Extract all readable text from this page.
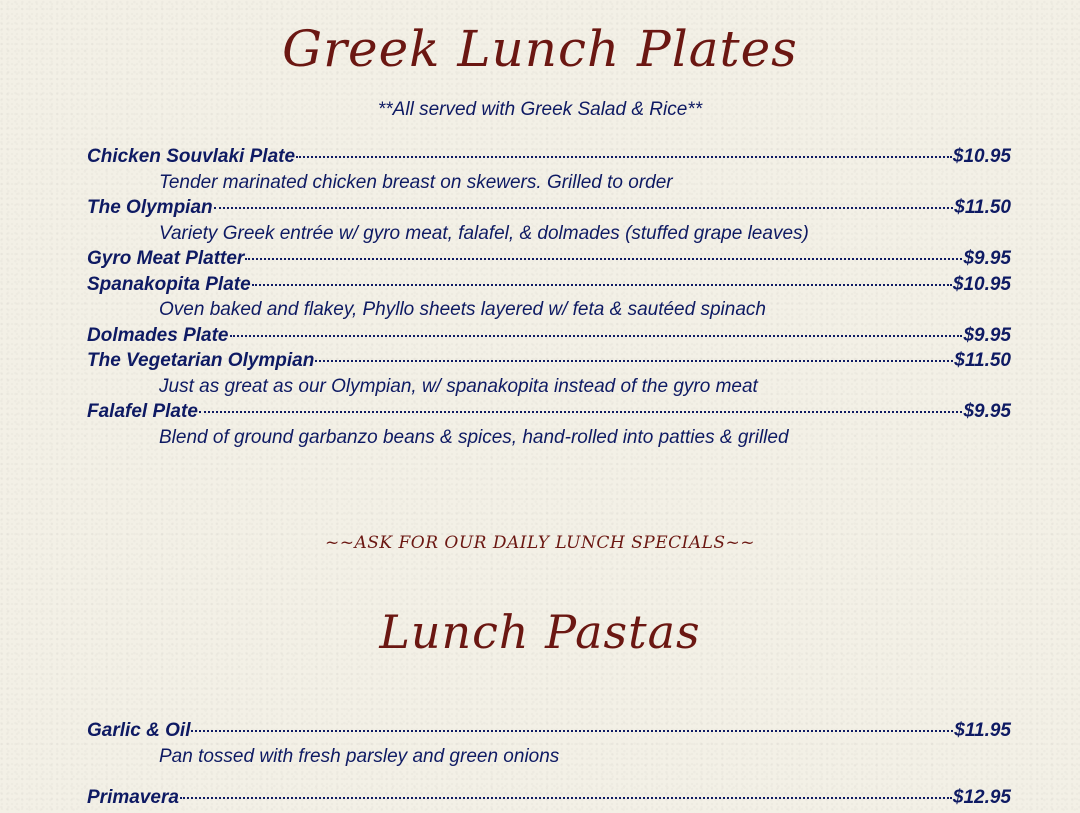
Greek Lunch Plates
**All served with Greek Salad & Rice**
Chicken Souvlaki Plate	$10.95
Tender marinated chicken breast on skewers. Grilled to order
The Olympian	$11.50
Variety Greek entrée w/ gyro meat, falafel, & dolmades (stuffed grape leaves)
Gyro Meat Platter	$9.95
Spanakopita Plate	$10.95
Oven baked and flakey, Phyllo sheets layered w/ feta & sautéed spinach
Dolmades Plate	$9.95
The Vegetarian Olympian	$11.50
Just as great as our Olympian, w/ spanakopita instead of the gyro meat
Falafel Plate	$9.95
Blend of ground garbanzo beans & spices, hand-rolled into patties & grilled
~~ASK FOR OUR DAILY LUNCH SPECIALS~~
Lunch Pastas
Garlic & Oil	$11.95
Pan tossed with fresh parsley and green onions
Primavera	$12.95
